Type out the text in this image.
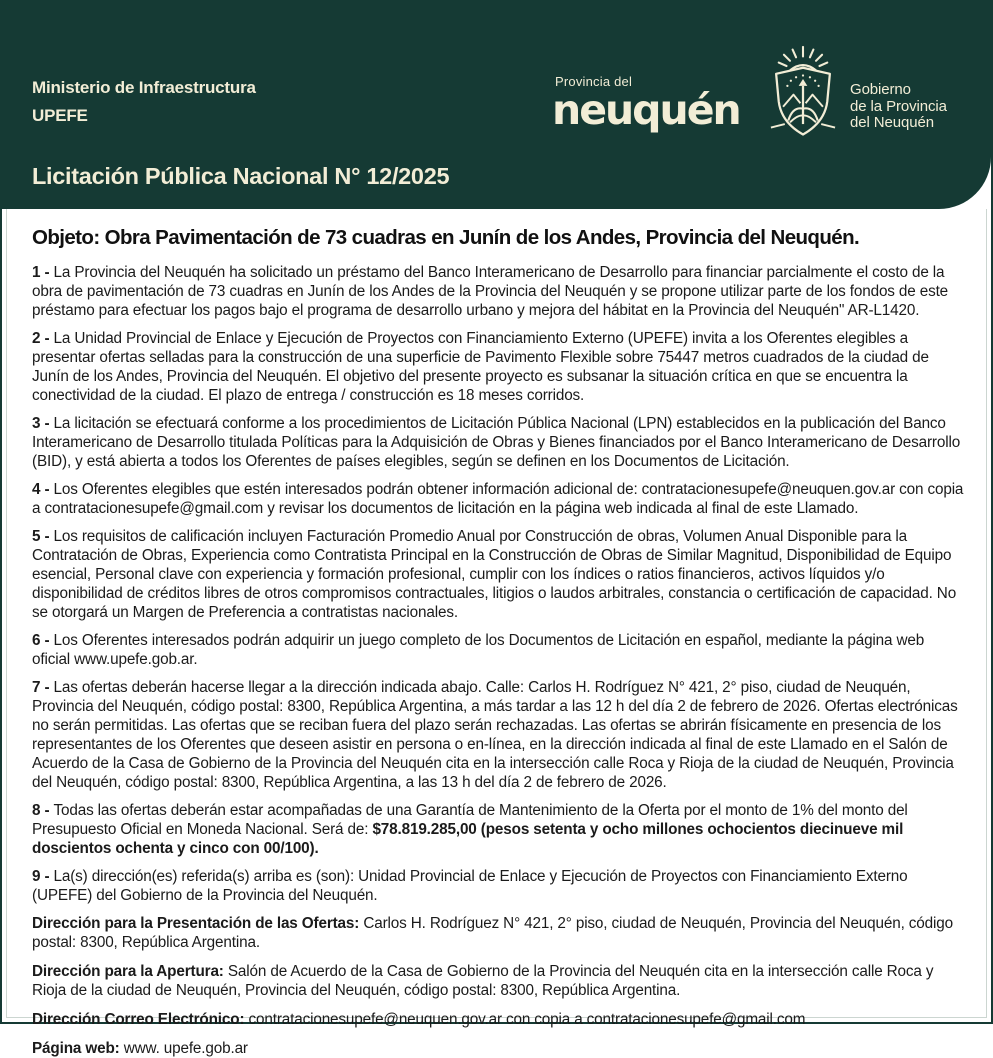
Ministerio de Infraestructura
UPEFE
Provincia del
neuquén	Gobierno
de la Provincia
del Neuquén
Licitación Pública Nacional N° 12/2025
Objeto: Obra Pavimentación de 73 cuadras en Junín de los Andes, Provincia del Neuquén.

1 - La Provincia del Neuquén ha solicitado un préstamo del Banco Interamericano de Desarrollo para financiar parcialmente el costo de la obra de pavimentación de 73 cuadras en Junín de los Andes de la Provincia del Neuquén y se propone utilizar parte de los fondos de este préstamo para efectuar los pagos bajo el programa de desarrollo urbano y mejora del hábitat en la Provincia del Neuquén" AR-L1420.

2 - La Unidad Provincial de Enlace y Ejecución de Proyectos con Financiamiento Externo (UPEFE) invita a los Oferentes elegibles a presentar ofertas selladas para la construcción de una superficie de Pavimento Flexible sobre 75447 metros cuadrados de la ciudad de Junín de los Andes, Provincia del Neuquén. El objetivo del presente proyecto es subsanar la situación crítica en que se encuentra la conectividad de la ciudad. El plazo de entrega / construcción es 18 meses corridos.

3 - La licitación se efectuará conforme a los procedimientos de Licitación Pública Nacional (LPN) establecidos en la publicación del Banco Interamericano de Desarrollo titulada Políticas para la Adquisición de Obras y Bienes financiados por el Banco Interamericano de Desarrollo (BID), y está abierta a todos los Oferentes de países elegibles, según se definen en los Documentos de Licitación.

4 - Los Oferentes elegibles que estén interesados podrán obtener información adicional de: contratacionesupefe@neuquen.gov.ar con copia a contratacionesupefe@gmail.com y revisar los documentos de licitación en la página web indicada al final de este Llamado.

5 - Los requisitos de calificación incluyen Facturación Promedio Anual por Construcción de obras, Volumen Anual Disponible para la Contratación de Obras, Experiencia como Contratista Principal en la Construcción de Obras de Similar Magnitud, Disponibilidad de Equipo esencial, Personal clave con experiencia y formación profesional, cumplir con los índices o ratios financieros, activos líquidos y/o disponibilidad de créditos libres de otros compromisos contractuales, litigios o laudos arbitrales, constancia o certificación de capacidad. No se otorgará un Margen de Preferencia a contratistas nacionales.

6 - Los Oferentes interesados podrán adquirir un juego completo de los Documentos de Licitación en español, mediante la página web oficial www.upefe.gob.ar.

7 - Las ofertas deberán hacerse llegar a la dirección indicada abajo. Calle: Carlos H. Rodríguez N° 421, 2° piso, ciudad de Neuquén, Provincia del Neuquén, código postal: 8300, República Argentina, a más tardar a las 12 h del día 2 de febrero de 2026. Ofertas electrónicas no serán permitidas. Las ofertas que se reciban fuera del plazo serán rechazadas. Las ofertas se abrirán físicamente en presencia de los representantes de los Oferentes que deseen asistir en persona o en-línea, en la dirección indicada al final de este Llamado en el Salón de Acuerdo de la Casa de Gobierno de la Provincia del Neuquén cita en la intersección calle Roca y Rioja de la ciudad de Neuquén, Provincia del Neuquén, código postal: 8300, República Argentina, a las 13 h del día 2 de febrero de 2026.

8 - Todas las ofertas deberán estar acompañadas de una Garantía de Mantenimiento de la Oferta por el monto de 1% del monto del Presupuesto Oficial en Moneda Nacional. Será de: $78.819.285,00 (pesos setenta y ocho millones ochocientos diecinueve mil doscientos ochenta y cinco con 00/100).

9 - La(s) dirección(es) referida(s) arriba es (son): Unidad Provincial de Enlace y Ejecución de Proyectos con Financiamiento Externo (UPEFE) del Gobierno de la Provincia del Neuquén.

Dirección para la Presentación de las Ofertas: Carlos H. Rodríguez N° 421, 2° piso, ciudad de Neuquén, Provincia del Neuquén, código postal: 8300, República Argentina.

Dirección para la Apertura: Salón de Acuerdo de la Casa de Gobierno de la Provincia del Neuquén cita en la intersección calle Roca y Rioja de la ciudad de Neuquén, Provincia del Neuquén, código postal: 8300, República Argentina.

Dirección Correo Electrónico: contratacionesupefe@neuquen.gov.ar con copia a contratacionesupefe@gmail.com

Página web: www. upefe.gob.ar
